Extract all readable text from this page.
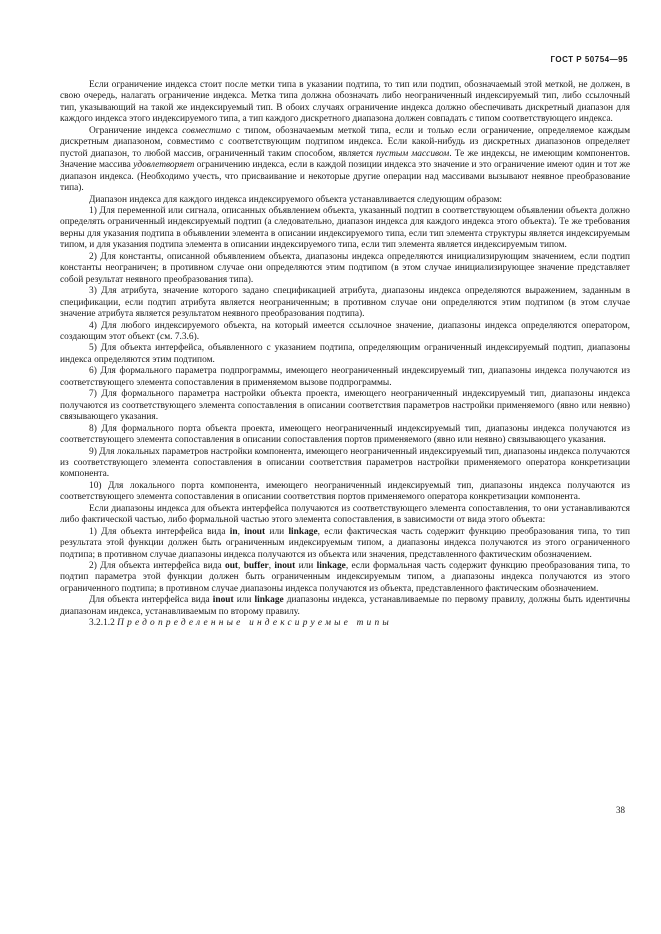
ГОСТ Р 50754—95

Если ограничение индекса стоит после метки типа в указании подтипа, то тип или подтип, обозначаемый этой меткой, не должен, в свою очередь, налагать ограничение индекса. Метка типа должна обозначать либо неограниченный индексируемый тип, либо ссылочный тип, указывающий на такой же индексируемый тип. В обоих случаях ограничение индекса должно обеспечивать дискретный диапазон для каждого индекса этого индексируемого типа, а тип каждого дискретного диапазона должен совпадать с типом соответствующего индекса.

Ограничение индекса совместимо с типом, обозначаемым меткой типа, если и только если ограничение, определяемое каждым дискретным диапазоном, совместимо с соответствующим подтипом индекса. Если какой-нибудь из дискретных диапазонов определяет пустой диапазон, то любой массив, ограниченный таким способом, является пустым массивом. Те же индексы, не имеющим компонентов. Значение массива удовлетворяет ограничению индекса, если в каждой позиции индекса это значение и это ограничение имеют один и тот же диапазон индекса. (Необходимо учесть, что присваивание и некоторые другие операции над массивами вызывают неявное преобразование типа).

Диапазон индекса для каждого индекса индексируемого объекта устанавливается следующим образом:

1) Для переменной или сигнала, описанных объявлением объекта, указанный подтип в соответствующем объявлении объекта должно определять ограниченный индексируемый подтип (а следовательно, диапазон индекса для каждого индекса этого объекта). Те же требования верны для указания подтипа в объявлении элемента в описании индексируемого типа, если тип элемента структуры является индексируемым типом, и для указания подтипа элемента в описании индексируемого типа, если тип элемента является индексируемым типом.

2) Для константы, описанной объявлением объекта, диапазоны индекса определяются инициализирующим значением, если подтип константы неограничен; в противном случае они определяются этим подтипом (в этом случае инициализирующее значение представляет собой результат неявного преобразования типа).

3) Для атрибута, значение которого задано спецификацией атрибута, диапазоны индекса определяются выражением, заданным в спецификации, если подтип атрибута является неограниченным; в противном случае они определяются этим подтипом (в этом случае значение атрибута является результатом неявного преобразования подтипа).

4) Для любого индексируемого объекта, на который имеется ссылочное значение, диапазоны индекса определяются оператором, создающим этот объект (см. 7.3.6).

5) Для объекта интерфейса, объявленного с указанием подтипа, определяющим ограниченный индексируемый подтип, диапазоны индекса определяются этим подтипом.

6) Для формального параметра подпрограммы, имеющего неограниченный индексируемый тип, диапазоны индекса получаются из соответствующего элемента сопоставления в применяемом вызове подпрограммы.

7) Для формального параметра настройки объекта проекта, имеющего неограниченный индексируемый тип, диапазоны индекса получаются из соответствующего элемента сопоставления в описании соответствия параметров настройки применяемого (явно или неявно) связывающего указания.

8) Для формального порта объекта проекта, имеющего неограниченный индексируемый тип, диапазоны индекса получаются из соответствующего элемента сопоставления в описании сопоставления портов применяемого (явно или неявно) связывающего указания.

9) Для локальных параметров настройки компонента, имеющего неограниченный индексируемый тип, диапазоны индекса получаются из соответствующего элемента сопоставления в описании соответствия параметров настройки применяемого оператора конкретизации компонента.

10) Для локального порта компонента, имеющего неограниченный индексируемый тип, диапазоны индекса получаются из соответствующего элемента сопоставления в описании соответствия портов применяемого оператора конкретизации компонента.

Если диапазоны индекса для объекта интерфейса получаются из соответствующего элемента сопоставления, то они устанавливаются либо фактической частью, либо формальной частью этого элемента сопоставления, в зависимости от вида этого объекта:

1) Для объекта интерфейса вида in, inout или linkage, если фактическая часть содержит функцию преобразования типа, то тип результата этой функции должен быть ограниченным индексируемым типом, а диапазоны индекса получаются из этого ограниченного подтипа; в противном случае диапазоны индекса получаются из объекта или значения, представленного фактическим обозначением.

2) Для объекта интерфейса вида out, buffer, inout или linkage, если формальная часть содержит функцию преобразования типа, то подтип параметра этой функции должен быть ограниченным индексируемым типом, а диапазоны индекса получаются из этого ограниченного подтипа; в противном случае диапазоны индекса получаются из объекта, представленного фактическим обозначением.

Для объекта интерфейса вида inout или linkage диапазоны индекса, устанавливаемые по первому правилу, должны быть идентичны диапазонам индекса, устанавливаемым по второму правилу.

3.2.1.2 Предопределенные индексируемые типы

38
